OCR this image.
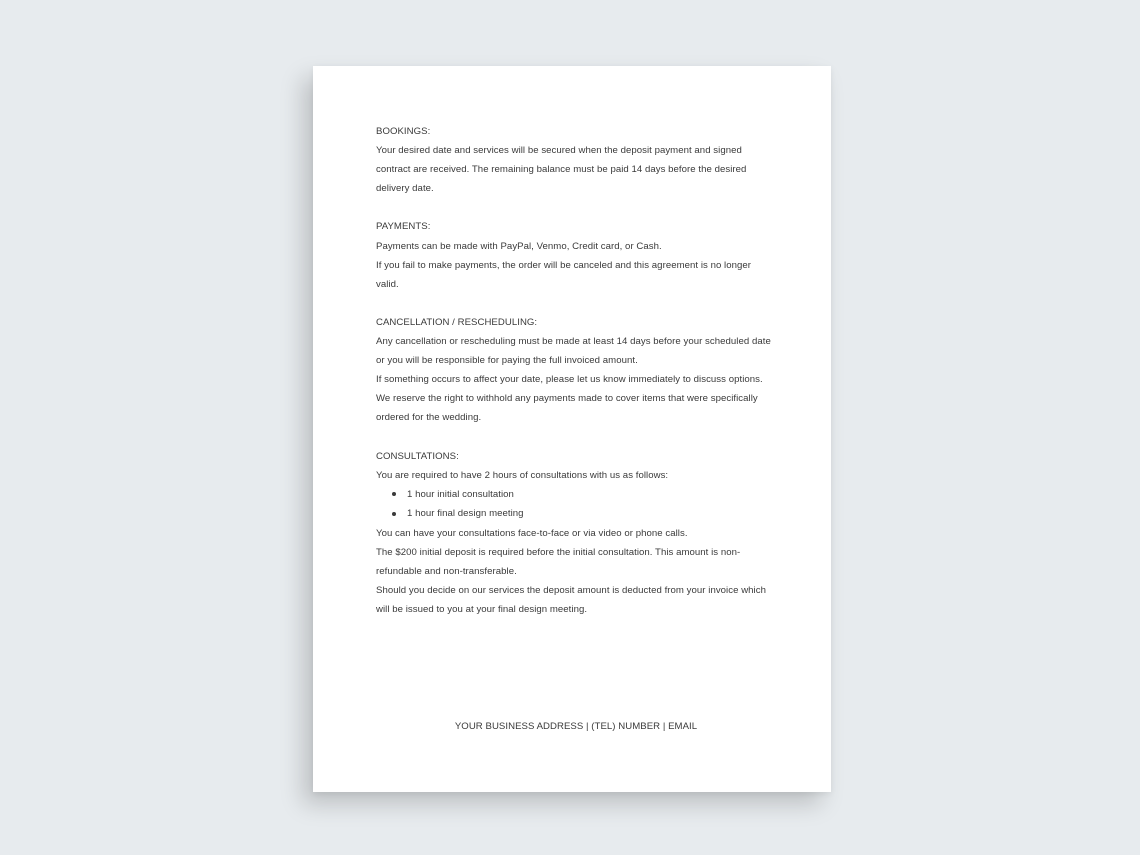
BOOKINGS:
Your desired date and services will be secured when the deposit payment and signed contract are received. The remaining balance must be paid 14 days before the desired delivery date.
PAYMENTS:
Payments can be made with PayPal, Venmo, Credit card, or Cash.
If you fail to make payments, the order will be canceled and this agreement is no longer valid.
CANCELLATION / RESCHEDULING:
Any cancellation or rescheduling must be made at least 14 days before your scheduled date or you will be responsible for paying the full invoiced amount.
If something occurs to affect your date, please let us know immediately to discuss options.
We reserve the right to withhold any payments made to cover items that were specifically ordered for the wedding.
CONSULTATIONS:
You are required to have 2 hours of consultations with us as follows:
1 hour initial consultation
1 hour final design meeting
You can have your consultations face-to-face or via video or phone calls.
The $200 initial deposit is required before the initial consultation. This amount is non-refundable and non-transferable.
Should you decide on our services the deposit amount is deducted from your invoice which will be issued to you at your final design meeting.
YOUR BUSINESS ADDRESS | (TEL) NUMBER | EMAIL
